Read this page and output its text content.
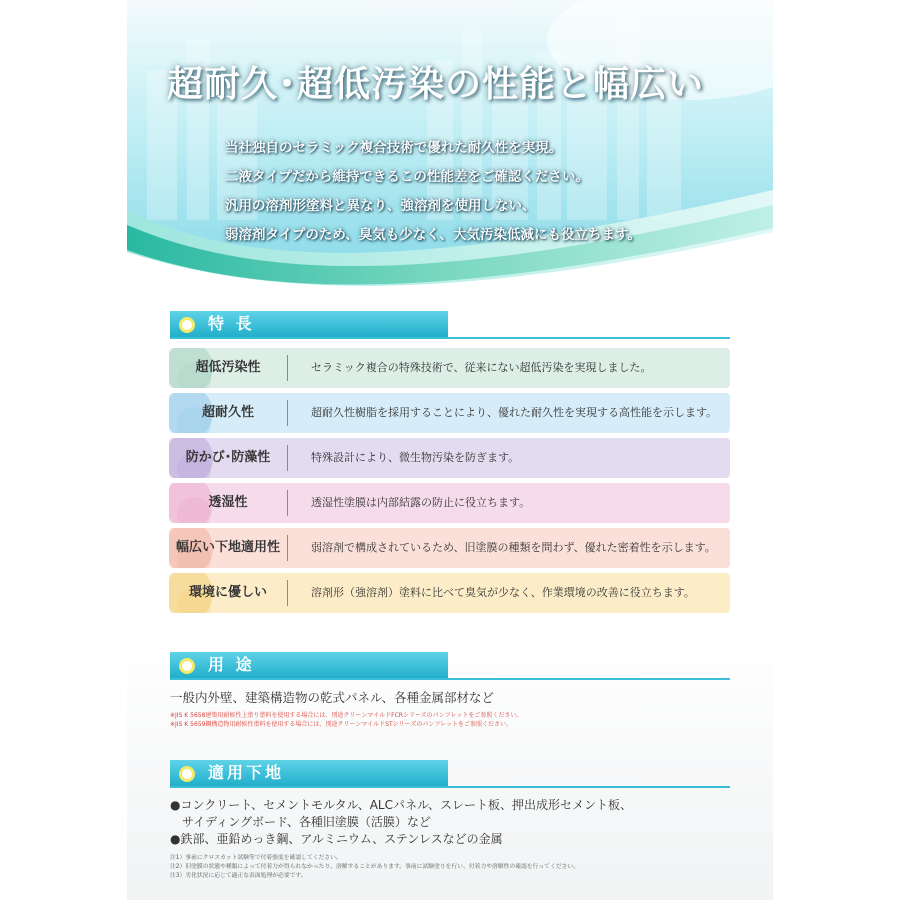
超耐久･超低汚染の性能と幅広い
当社独自のセラミック複合技術で優れた耐久性を実現。
二液タイプだから維持できるこの性能差をご確認ください。
汎用の溶剤形塗料と異なり、強溶剤を使用しない、
弱溶剤タイプのため、臭気も少なく、大気汚染低減にも役立ちます。
特 長
超低汚染性	セラミック複合の特殊技術で、従来にない超低汚染を実現しました。
超耐久性	超耐久性樹脂を採用することにより、優れた耐久性を実現する高性能を示します。
防かび･防藻性	特殊設計により、微生物汚染を防ぎます。
透湿性	透湿性塗膜は内部結露の防止に役立ちます。
幅広い下地適用性	弱溶剤で構成されているため、旧塗膜の種類を問わず、優れた密着性を示します。
環境に優しい	溶剤形（強溶剤）塗料に比べて臭気が少なく、作業環境の改善に役立ちます。
用 途
一般内外壁、建築構造物の乾式パネル、各種金属部材など
※JIS K 5658建築用耐候性上塗り塗料を使用する場合には、別途クリーンマイルドFCRシリーズのパンフレットをご参照ください。
※JIS K 5659鋼構造物用耐候性塗料を使用する場合には、別途クリーンマイルドSTシリーズのパンフレットをご参照ください。
適用下地
●コンクリート、セメントモルタル、ALCパネル、スレート板、押出成形セメント板、
　サイディングボード、各種旧塗膜（活膜）など
●鉄部、亜鉛めっき鋼、アルミニウム、ステンレスなどの金属
注1）事前にクロスカット試験等で付着強度を確認してください。
注2）旧塗膜の状態や種類によって付着力が得られなかったり、溶解することがあります。事前に試験塗りを行い、付着力や溶解性の確認を行ってください。
注3）劣化状況に応じて適正な表面処理が必要です。
